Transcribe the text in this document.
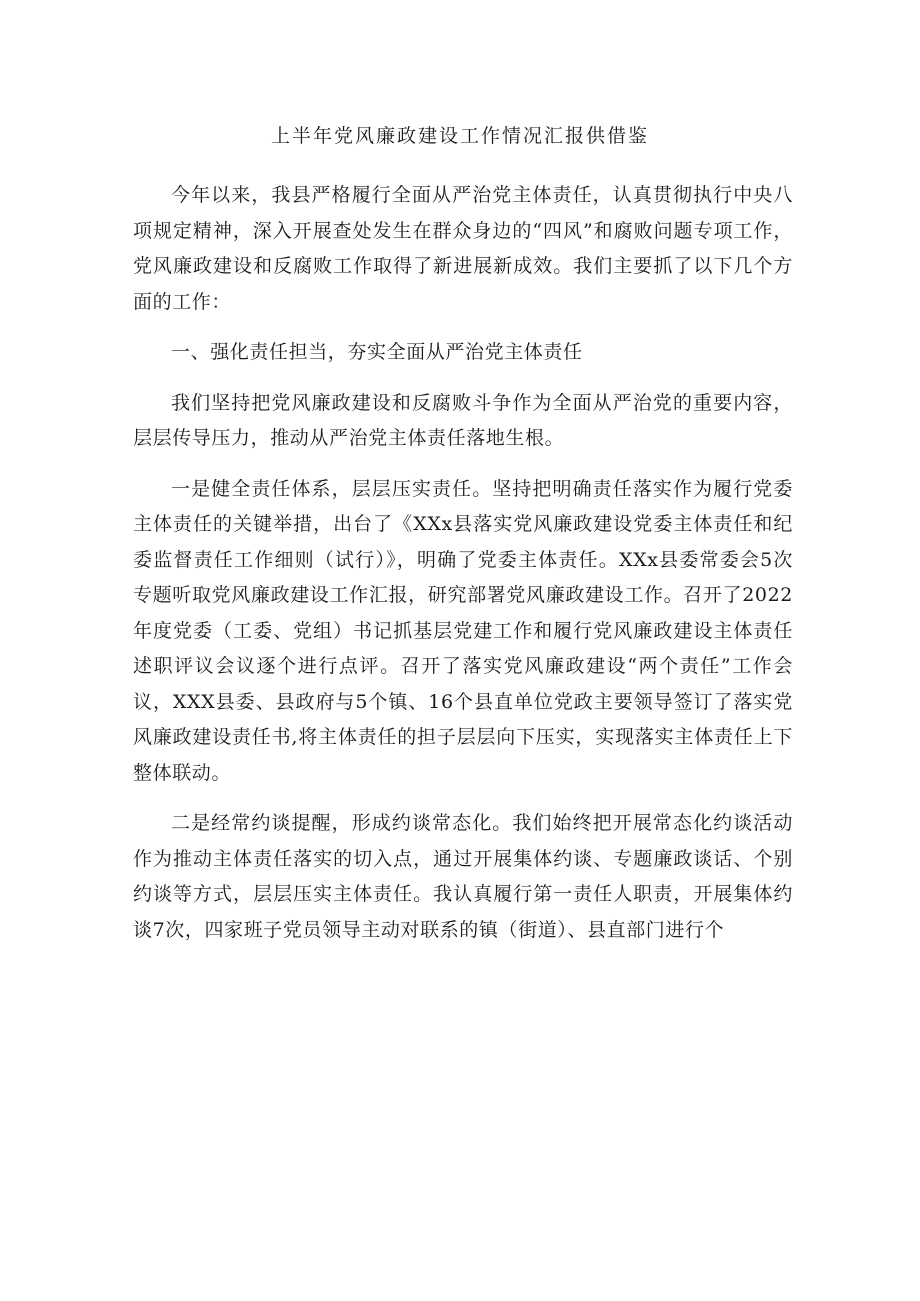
上半年党风廉政建设工作情况汇报供借鉴

今年以来，我县严格履行全面从严治党主体责任，认真贯彻执行中央八项规定精神，深入开展查处发生在群众身边的“四风”和腐败问题专项工作，党风廉政建设和反腐败工作取得了新进展新成效。我们主要抓了以下几个方面的工作：

一、强化责任担当，夯实全面从严治党主体责任

我们坚持把党风廉政建设和反腐败斗争作为全面从严治党的重要内容，层层传导压力，推动从严治党主体责任落地生根。

一是健全责任体系，层层压实责任。坚持把明确责任落实作为履行党委主体责任的关键举措，出台了《XXx县落实党风廉政建设党委主体责任和纪委监督责任工作细则（试行）》，明确了党委主体责任。XXx县委常委会5次专题听取党风廉政建设工作汇报，研究部署党风廉政建设工作。召开了2022年度党委（工委、党组）书记抓基层党建工作和履行党风廉政建设主体责任述职评议会议逐个进行点评。召开了落实党风廉政建设“两个责任”工作会议，XXX县委、县政府与5个镇、16个县直单位党政主要领导签订了落实党风廉政建设责任书,将主体责任的担子层层向下压实，实现落实主体责任上下整体联动。

二是经常约谈提醒，形成约谈常态化。我们始终把开展常态化约谈活动作为推动主体责任落实的切入点，通过开展集体约谈、专题廉政谈话、个别约谈等方式，层层压实主体责任。我认真履行第一责任人职责，开展集体约谈7次，四家班子党员领导主动对联系的镇（街道）、县直部门进行个
